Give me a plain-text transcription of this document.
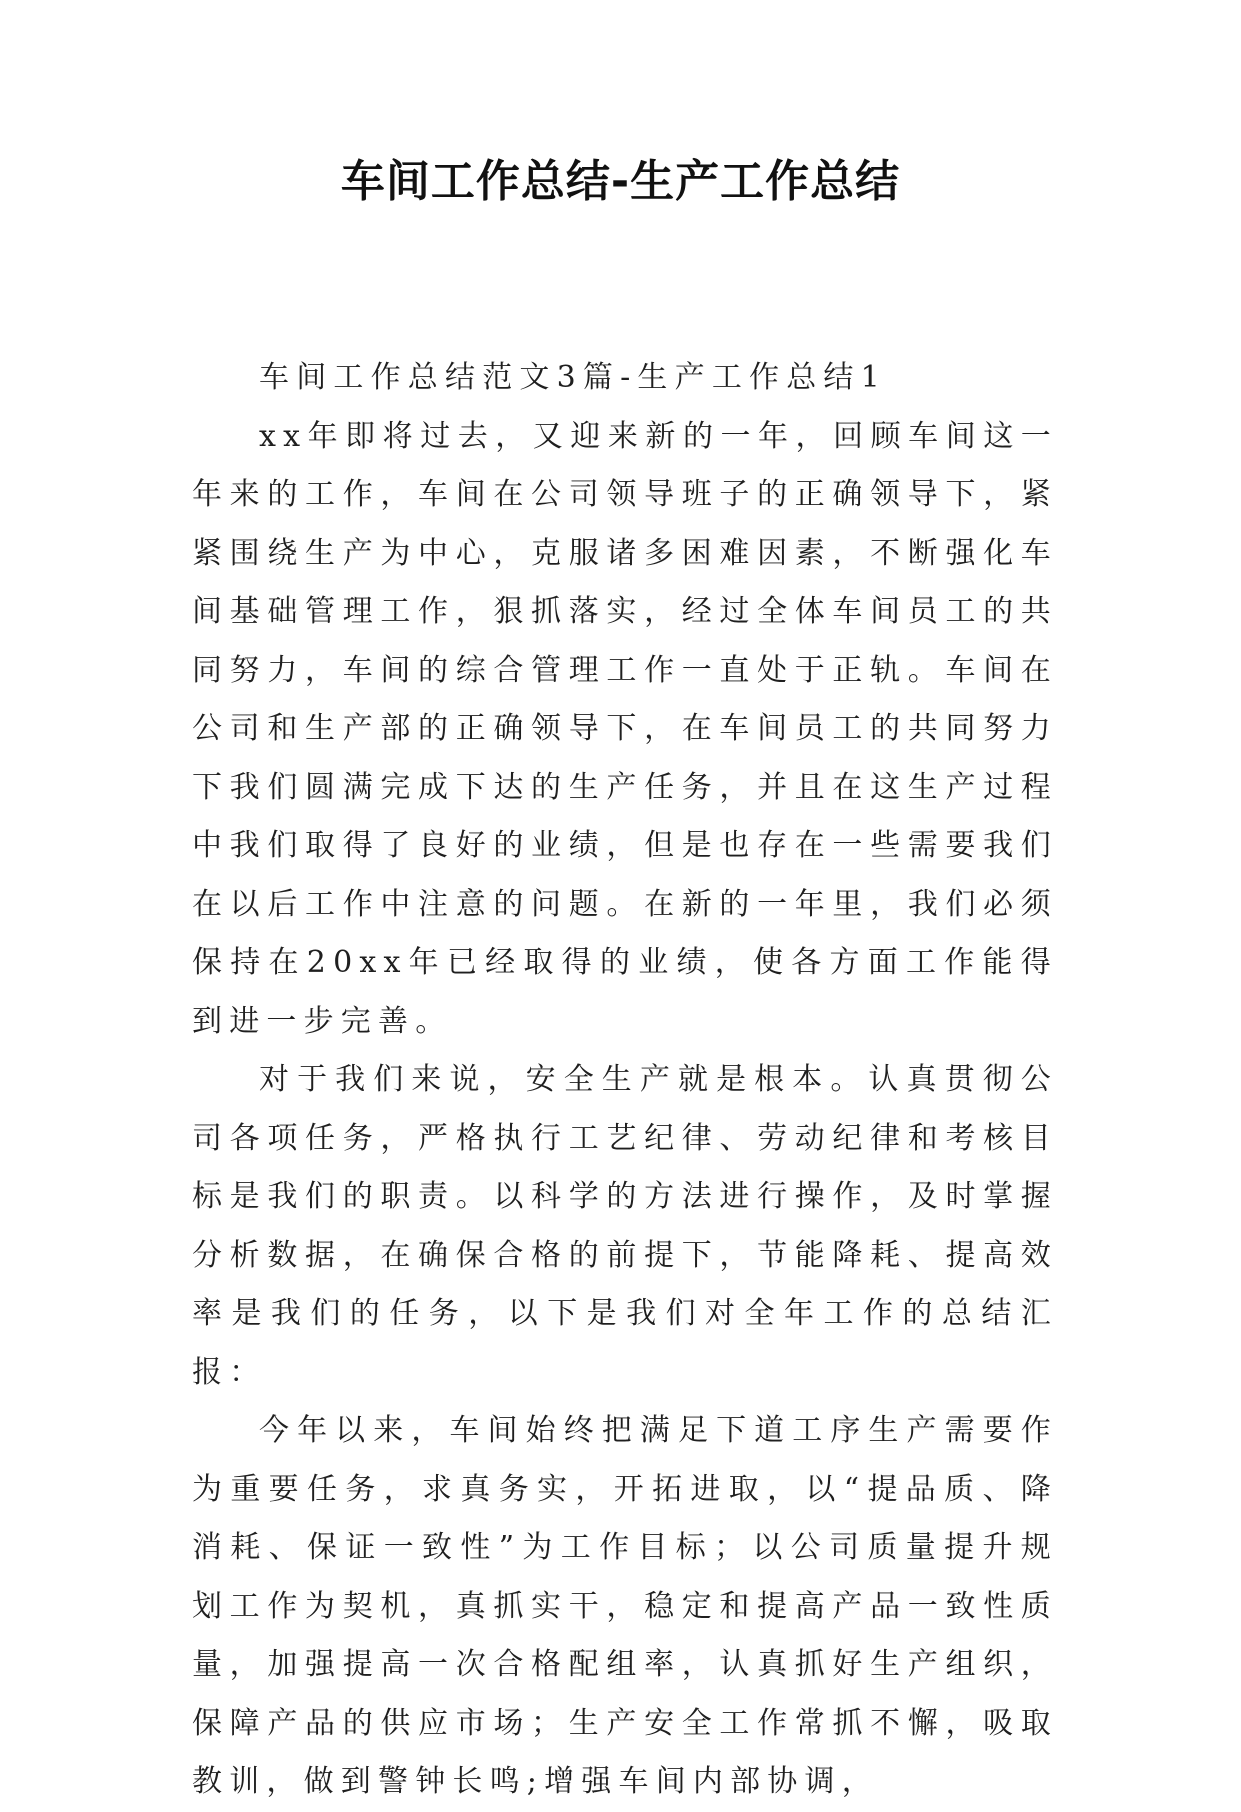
车间工作总结-生产工作总结

车间工作总结范文3篇-生产工作总结1

xx年即将过去，又迎来新的一年，回顾车间这一年来的工作，车间在公司领导班子的正确领导下，紧紧围绕生产为中心，克服诸多困难因素，不断强化车间基础管理工作，狠抓落实，经过全体车间员工的共同努力，车间的综合管理工作一直处于正轨。车间在公司和生产部的正确领导下，在车间员工的共同努力下我们圆满完成下达的生产任务，并且在这生产过程中我们取得了良好的业绩，但是也存在一些需要我们在以后工作中注意的问题。在新的一年里，我们必须保持在20xx年已经取得的业绩，使各方面工作能得到进一步完善。

对于我们来说，安全生产就是根本。认真贯彻公司各项任务，严格执行工艺纪律、劳动纪律和考核目标是我们的职责。以科学的方法进行操作，及时掌握分析数据，在确保合格的前提下，节能降耗、提高效率是我们的任务，以下是我们对全年工作的总结汇报：

今年以来，车间始终把满足下道工序生产需要作为重要任务，求真务实，开拓进取，以“提品质、降消耗、保证一致性”为工作目标；以公司质量提升规划工作为契机，真抓实干，稳定和提高产品一致性质量，加强提高一次合格配组率，认真抓好生产组织，保障产品的供应市场；生产安全工作常抓不懈，吸取教训，做到警钟长鸣;增强车间内部协调，
